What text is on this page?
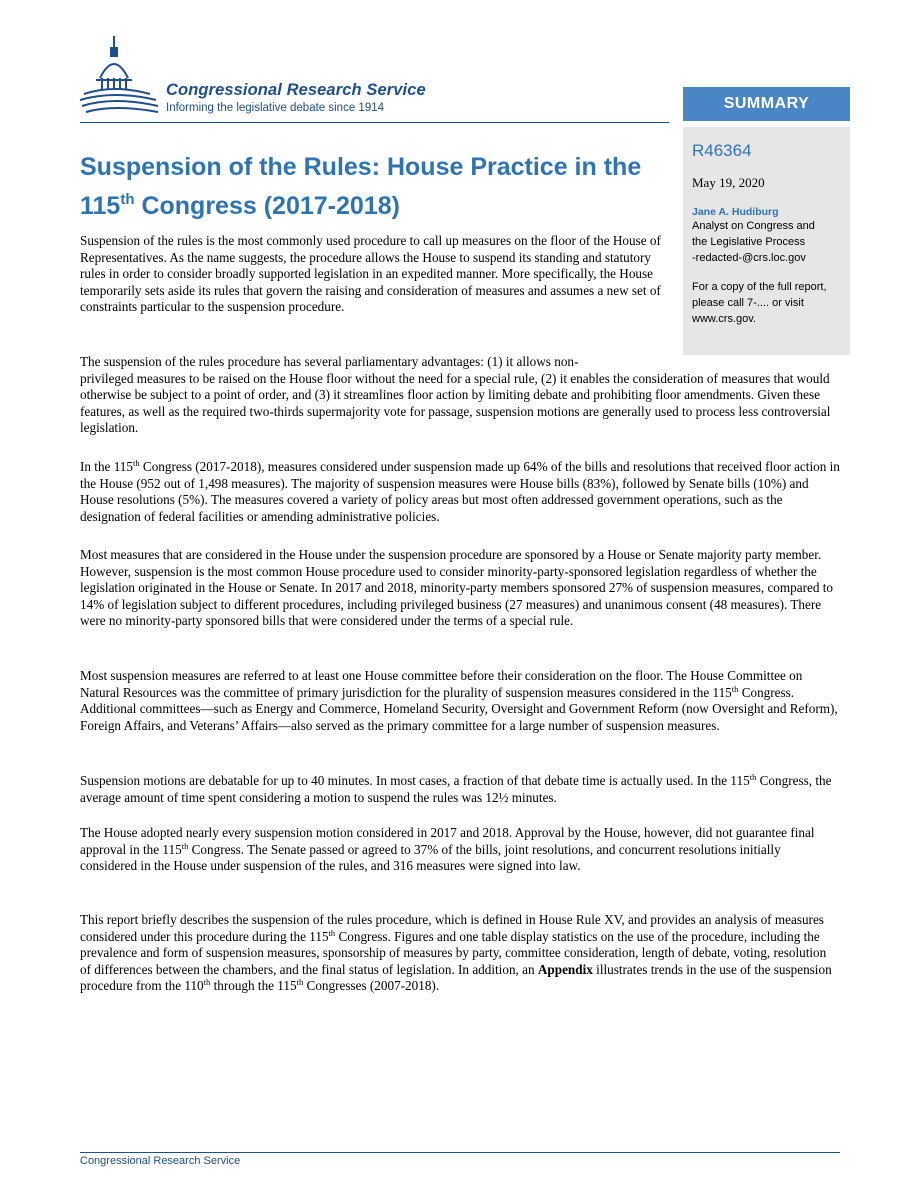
Congressional Research Service
Informing the legislative debate since 1914	SUMMARY
R46364
May 19, 2020
Jane A. Hudiburg
Analyst on Congress and
the Legislative Process
-redacted-@crs.loc.gov
For a copy of the full report,
please call 7-.... or visit
www.crs.gov.
Suspension of the Rules: House Practice in the 115th Congress (2017-2018)

Suspension of the rules is the most commonly used procedure to call up measures on the floor of the House of Representatives. As the name suggests, the procedure allows the House to suspend its standing and statutory rules in order to consider broadly supported legislation in an expedited manner. More specifically, the House temporarily sets aside its rules that govern the raising and consideration of measures and assumes a new set of constraints particular to the suspension procedure.

The suspension of the rules procedure has several parliamentary advantages: (1) it allows non-
privileged measures to be raised on the House floor without the need for a special rule, (2) it enables the consideration of measures that would otherwise be subject to a point of order, and (3) it streamlines floor action by limiting debate and prohibiting floor amendments. Given these features, as well as the required two-thirds supermajority vote for passage, suspension motions are generally used to process less controversial legislation.

In the 115th Congress (2017-2018), measures considered under suspension made up 64% of the bills and resolutions that received floor action in the House (952 out of 1,498 measures). The majority of suspension measures were House bills (83%), followed by Senate bills (10%) and House resolutions (5%). The measures covered a variety of policy areas but most often addressed government operations, such as the designation of federal facilities or amending administrative policies.

Most measures that are considered in the House under the suspension procedure are sponsored by a House or Senate majority party member. However, suspension is the most common House procedure used to consider minority-party-sponsored legislation regardless of whether the legislation originated in the House or Senate. In 2017 and 2018, minority-party members sponsored 27% of suspension measures, compared to 14% of legislation subject to different procedures, including privileged business (27 measures) and unanimous consent (48 measures). There were no minority-party sponsored bills that were considered under the terms of a special rule.

Most suspension measures are referred to at least one House committee before their consideration on the floor. The House Committee on Natural Resources was the committee of primary jurisdiction for the plurality of suspension measures considered in the 115th Congress. Additional committees—such as Energy and Commerce, Homeland Security, Oversight and Government Reform (now Oversight and Reform), Foreign Affairs, and Veterans’ Affairs—also served as the primary committee for a large number of suspension measures.

Suspension motions are debatable for up to 40 minutes. In most cases, a fraction of that debate time is actually used. In the 115th Congress, the average amount of time spent considering a motion to suspend the rules was 12½ minutes.

The House adopted nearly every suspension motion considered in 2017 and 2018. Approval by the House, however, did not guarantee final approval in the 115th Congress. The Senate passed or agreed to 37% of the bills, joint resolutions, and concurrent resolutions initially considered in the House under suspension of the rules, and 316 measures were signed into law.

This report briefly describes the suspension of the rules procedure, which is defined in House Rule XV, and provides an analysis of measures considered under this procedure during the 115th Congress. Figures and one table display statistics on the use of the procedure, including the prevalence and form of suspension measures, sponsorship of measures by party, committee consideration, length of debate, voting, resolution of differences between the chambers, and the final status of legislation. In addition, an Appendix illustrates trends in the use of the suspension procedure from the 110th through the 115th Congresses (2007-2018).

Congressional Research Service
